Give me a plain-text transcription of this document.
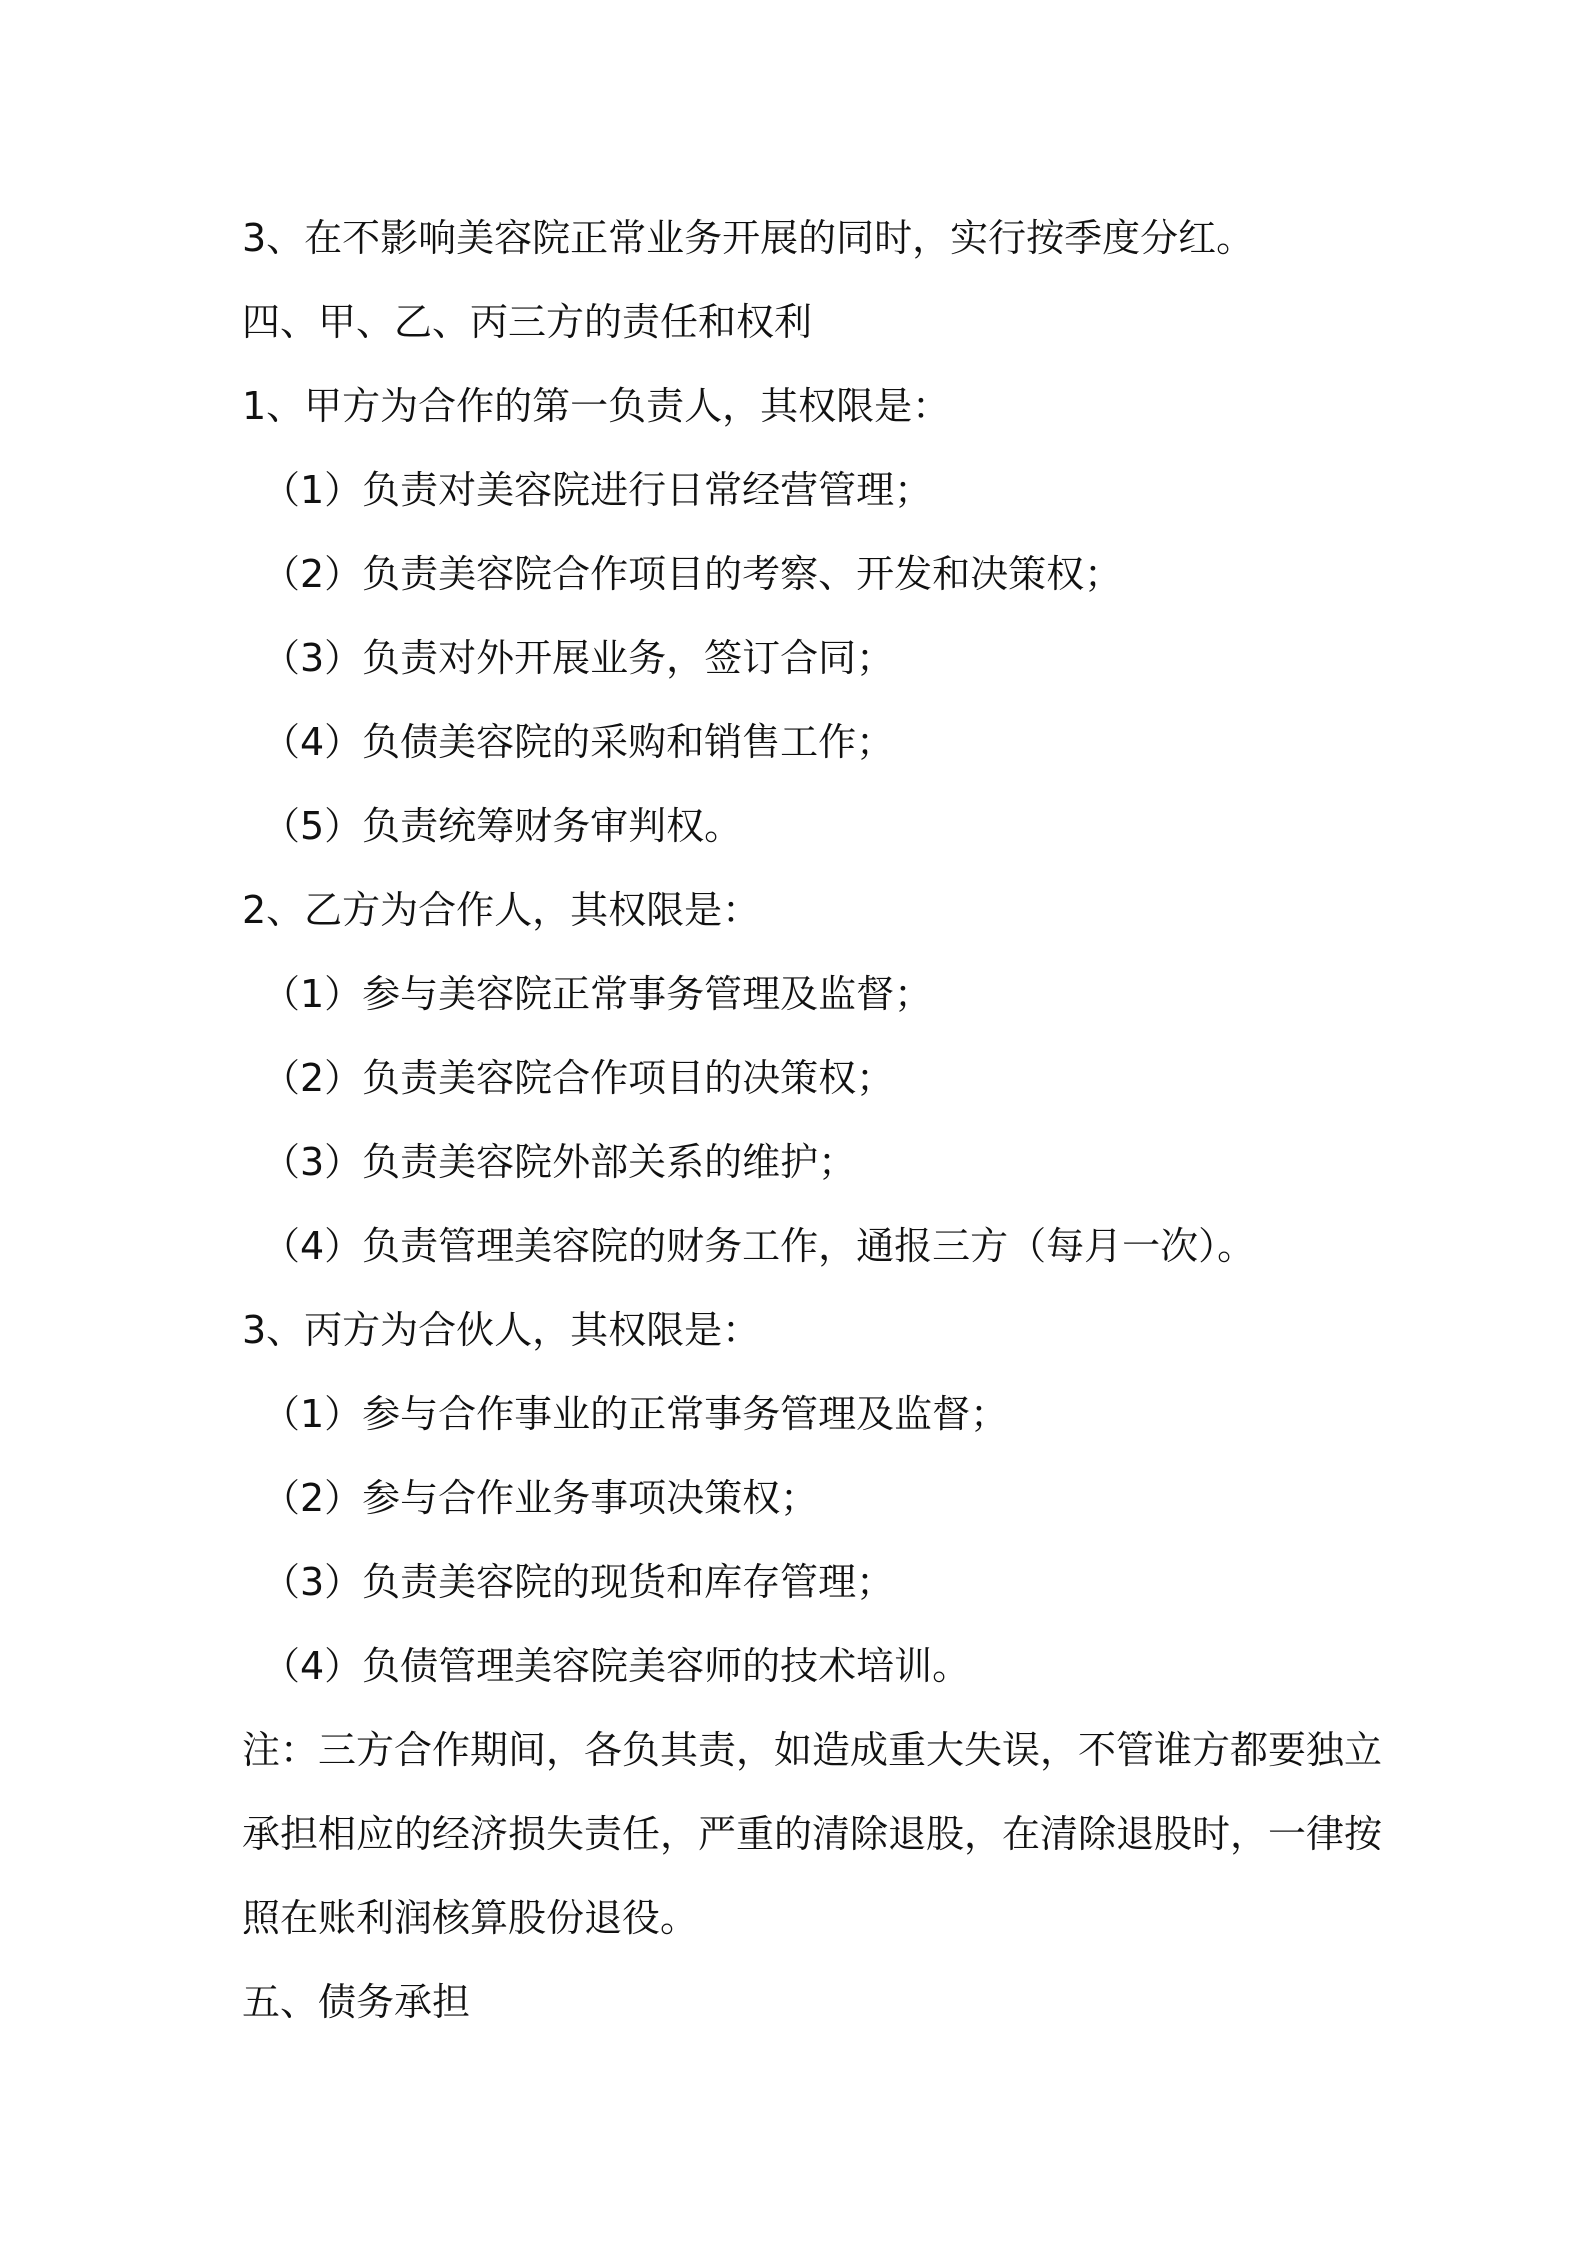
3、在不影响美容院正常业务开展的同时，实行按季度分红。

四、甲、乙、丙三方的责任和权利

1、甲方为合作的第一负责人，其权限是：

（1）负责对美容院进行日常经营管理；

（2）负责美容院合作项目的考察、开发和决策权；

（3）负责对外开展业务，签订合同；

（4）负债美容院的采购和销售工作；

（5）负责统筹财务审判权。

2、乙方为合作人，其权限是：

（1）参与美容院正常事务管理及监督；

（2）负责美容院合作项目的决策权；

（3）负责美容院外部关系的维护；

（4）负责管理美容院的财务工作，通报三方（每月一次）。

3、丙方为合伙人，其权限是：

（1）参与合作事业的正常事务管理及监督；

（2）参与合作业务事项决策权；

（3）负责美容院的现货和库存管理；

（4）负债管理美容院美容师的技术培训。

注：三方合作期间，各负其责，如造成重大失误，不管谁方都要独立

承担相应的经济损失责任，严重的清除退股，在清除退股时，一律按

照在账利润核算股份退役。

五、债务承担
